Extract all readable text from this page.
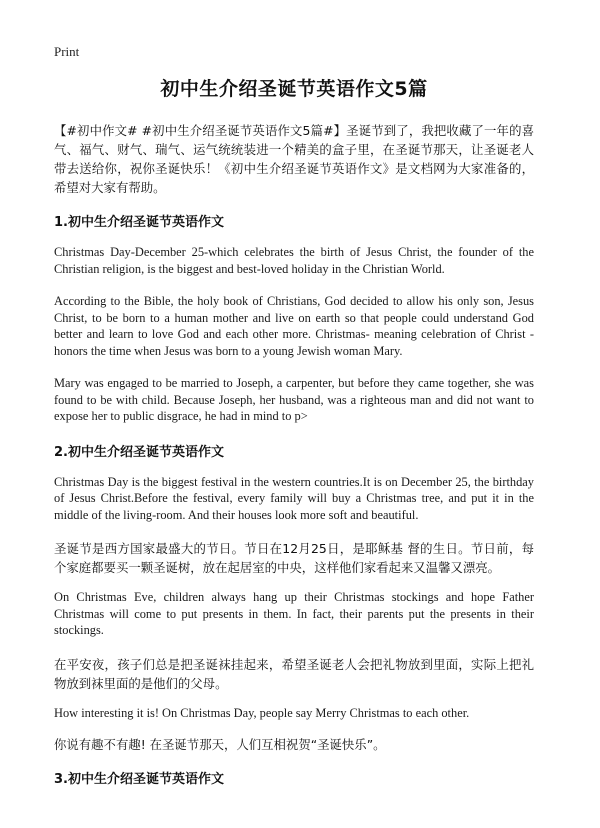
Print
初中生介绍圣诞节英语作文5篇

【#初中作文# #初中生介绍圣诞节英语作文5篇#】圣诞节到了，我把收藏了一年的喜气、福气、财气、瑞气、运气统统装进一个精美的盒子里，在圣诞节那天，让圣诞老人带去送给你，祝你圣诞快乐！《初中生介绍圣诞节英语作文》是文档网为大家准备的，希望对大家有帮助。

1.初中生介绍圣诞节英语作文

Christmas Day-December 25-which celebrates the birth of Jesus Christ, the founder of the Christian religion, is the biggest and best-loved holiday in the Christian World.

According to the Bible, the holy book of Christians, God decided to allow his only son, Jesus Christ, to be born to a human mother and live on earth so that people could understand God better and learn to love God and each other more. Christmas- meaning celebration of Christ - honors the time when Jesus was born to a young Jewish woman Mary.

Mary was engaged to be married to Joseph, a carpenter, but before they came together, she was found to be with child. Because Joseph, her husband, was a righteous man and did not want to expose her to public disgrace, he had in mind to p>

2.初中生介绍圣诞节英语作文

Christmas Day is the biggest festival in the western countries.It is on December 25, the birthday of Jesus Christ.Before the festival, every family will buy a Christmas tree, and put it in the middle of the living-room. And their houses look more soft and beautiful.

圣诞节是西方国家最盛大的节日。节日在12月25日，是耶稣基 督的生日。节日前，每个家庭都要买一颗圣诞树，放在起居室的中央，这样他们家看起来又温馨又漂亮。

On Christmas Eve, children always hang up their Christmas stockings and hope Father Christmas will come to put presents in them. In fact, their parents put the presents in their stockings.

在平安夜，孩子们总是把圣诞袜挂起来，希望圣诞老人会把礼物放到里面，实际上把礼物放到袜里面的是他们的父母。

How interesting it is! On Christmas Day, people say Merry Christmas to each other.

你说有趣不有趣! 在圣诞节那天，人们互相祝贺“圣诞快乐”。

3.初中生介绍圣诞节英语作文
